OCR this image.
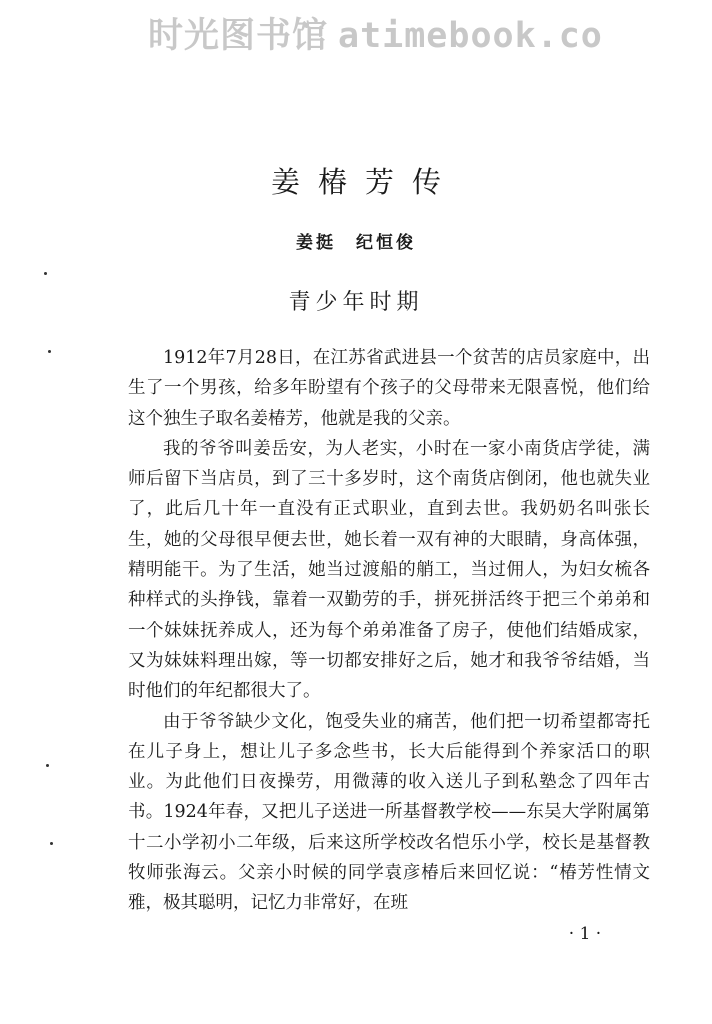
时光图书馆 atimebook.co
姜椿芳传
姜挺　纪恒俊
青少年时期

1912年7月28日，在江苏省武进县一个贫苦的店员家庭中，出生了一个男孩，给多年盼望有个孩子的父母带来无限喜悦，他们给这个独生子取名姜椿芳，他就是我的父亲。

我的爷爷叫姜岳安，为人老实，小时在一家小南货店学徒，满师后留下当店员，到了三十多岁时，这个南货店倒闭，他也就失业了，此后几十年一直没有正式职业，直到去世。我奶奶名叫张长生，她的父母很早便去世，她长着一双有神的大眼睛，身高体强，精明能干。为了生活，她当过渡船的艄工，当过佣人，为妇女梳各种样式的头挣钱，靠着一双勤劳的手，拼死拼活终于把三个弟弟和一个妹妹抚养成人，还为每个弟弟准备了房子，使他们结婚成家，又为妹妹料理出嫁，等一切都安排好之后，她才和我爷爷结婚，当时他们的年纪都很大了。

由于爷爷缺少文化，饱受失业的痛苦，他们把一切希望都寄托在儿子身上，想让儿子多念些书，长大后能得到个养家活口的职业。为此他们日夜操劳，用微薄的收入送儿子到私塾念了四年古书。1924年春，又把儿子送进一所基督教学校——东吴大学附属第十二小学初小二年级，后来这所学校改名恺乐小学，校长是基督教牧师张海云。父亲小时候的同学袁彦椿后来回忆说：“椿芳性情文雅，极其聪明，记忆力非常好，在班

· 1 ·
